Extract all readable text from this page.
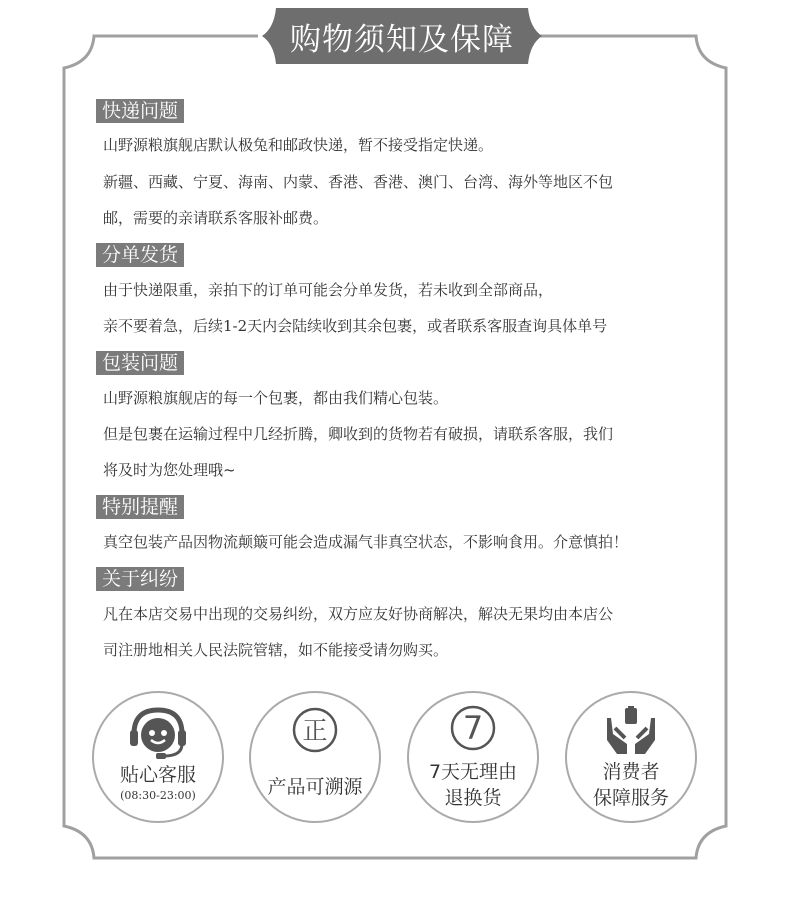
购物须知及保障
快递问题
山野源粮旗舰店默认极兔和邮政快递，暂不接受指定快递。
新疆、西藏、宁夏、海南、内蒙、香港、香港、澳门、台湾、海外等地区不包
邮，需要的亲请联系客服补邮费。
分单发货
由于快递限重，亲拍下的订单可能会分单发货，若未收到全部商品，
亲不要着急，后续1-2天内会陆续收到其余包裹，或者联系客服查询具体单号
包装问题
山野源粮旗舰店的每一个包裹，都由我们精心包装。
但是包裹在运输过程中几经折腾，卿收到的货物若有破损，请联系客服，我们
将及时为您处理哦~
特别提醒
真空包装产品因物流颠簸可能会造成漏气非真空状态，不影响食用。介意慎拍！
关于纠纷
凡在本店交易中出现的交易纠纷，双方应友好协商解决，解决无果均由本店公
司注册地相关人民法院管辖，如不能接受请勿购买。
贴心客服
(08:30-23:00)
正
产品可溯源
7
7天无理由
退换货
消费者
保障服务
